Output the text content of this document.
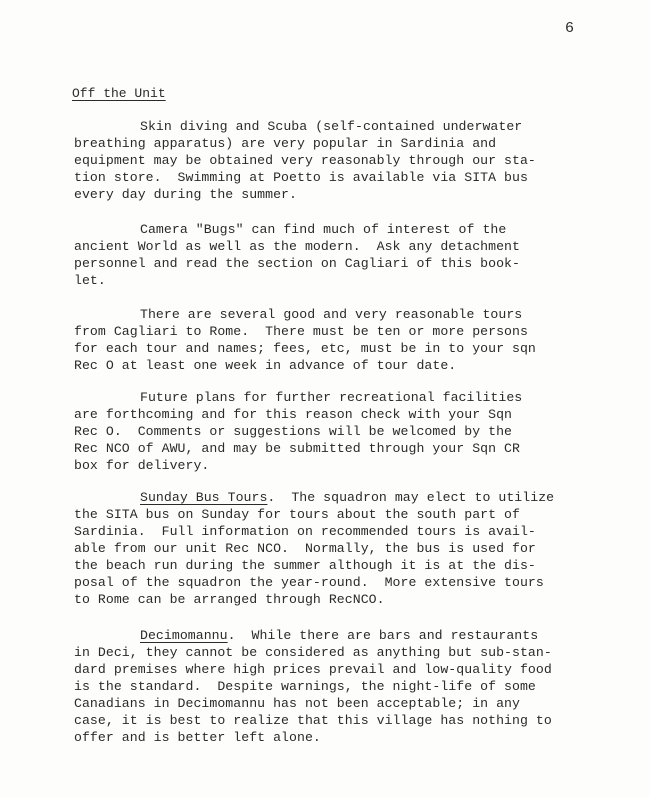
6
Off the Unit
Skin diving and Scuba (self-contained underwater
breathing apparatus) are very popular in Sardinia and
equipment may be obtained very reasonably through our sta-
tion store.  Swimming at Poetto is available via SITA bus
every day during the summer.
Camera "Bugs" can find much of interest of the
ancient World as well as the modern.  Ask any detachment
personnel and read the section on Cagliari of this book-
let.
There are several good and very reasonable tours
from Cagliari to Rome.  There must be ten or more persons
for each tour and names; fees, etc, must be in to your sqn
Rec O at least one week in advance of tour date.
Future plans for further recreational facilities
are forthcoming and for this reason check with your Sqn
Rec O.  Comments or suggestions will be welcomed by the
Rec NCO of AWU, and may be submitted through your Sqn CR
box for delivery.
Sunday Bus Tours.  The squadron may elect to utilize
the SITA bus on Sunday for tours about the south part of
Sardinia.  Full information on recommended tours is avail-
able from our unit Rec NCO.  Normally, the bus is used for
the beach run during the summer although it is at the dis-
posal of the squadron the year-round.  More extensive tours
to Rome can be arranged through RecNCO.
Decimomannu.  While there are bars and restaurants
in Deci, they cannot be considered as anything but sub-stan-
dard premises where high prices prevail and low-quality food
is the standard.  Despite warnings, the night-life of some
Canadians in Decimomannu has not been acceptable; in any
case, it is best to realize that this village has nothing to
offer and is better left alone.
